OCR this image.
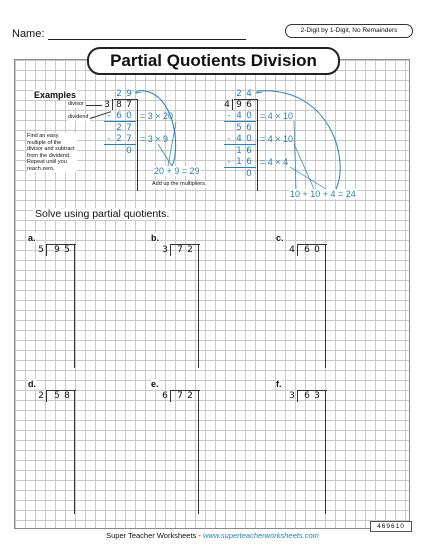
Name:	2-Digit by 1-Digit, No Remainders
Partial Quotients Division
Examples
Find an easy multiple of the divisor and subtract from the dividend. Repeat until you reach zero.
divisor
dividend
2 9 ←
3 8 7
- 6 0 = 3 × 20
2 7
- 2 7 = 3 × 9
0
20 + 9 = 29
Add up the multipliers.
2 4 ←
4 9 6
- 4 0 = 4 × 10
5 6
- 4 0 = 4 × 10
1 6
- 1 6 = 4 × 4
0
10 + 10 + 4 = 24
Solve using partial quotients.
a.
5 9 5
b.
3 7 2
c.
4 6 0
d.
2 5 8
e.
6 7 2
f.
3 6 3
469610
Super Teacher Worksheets - www.superteacherworksheets.com
